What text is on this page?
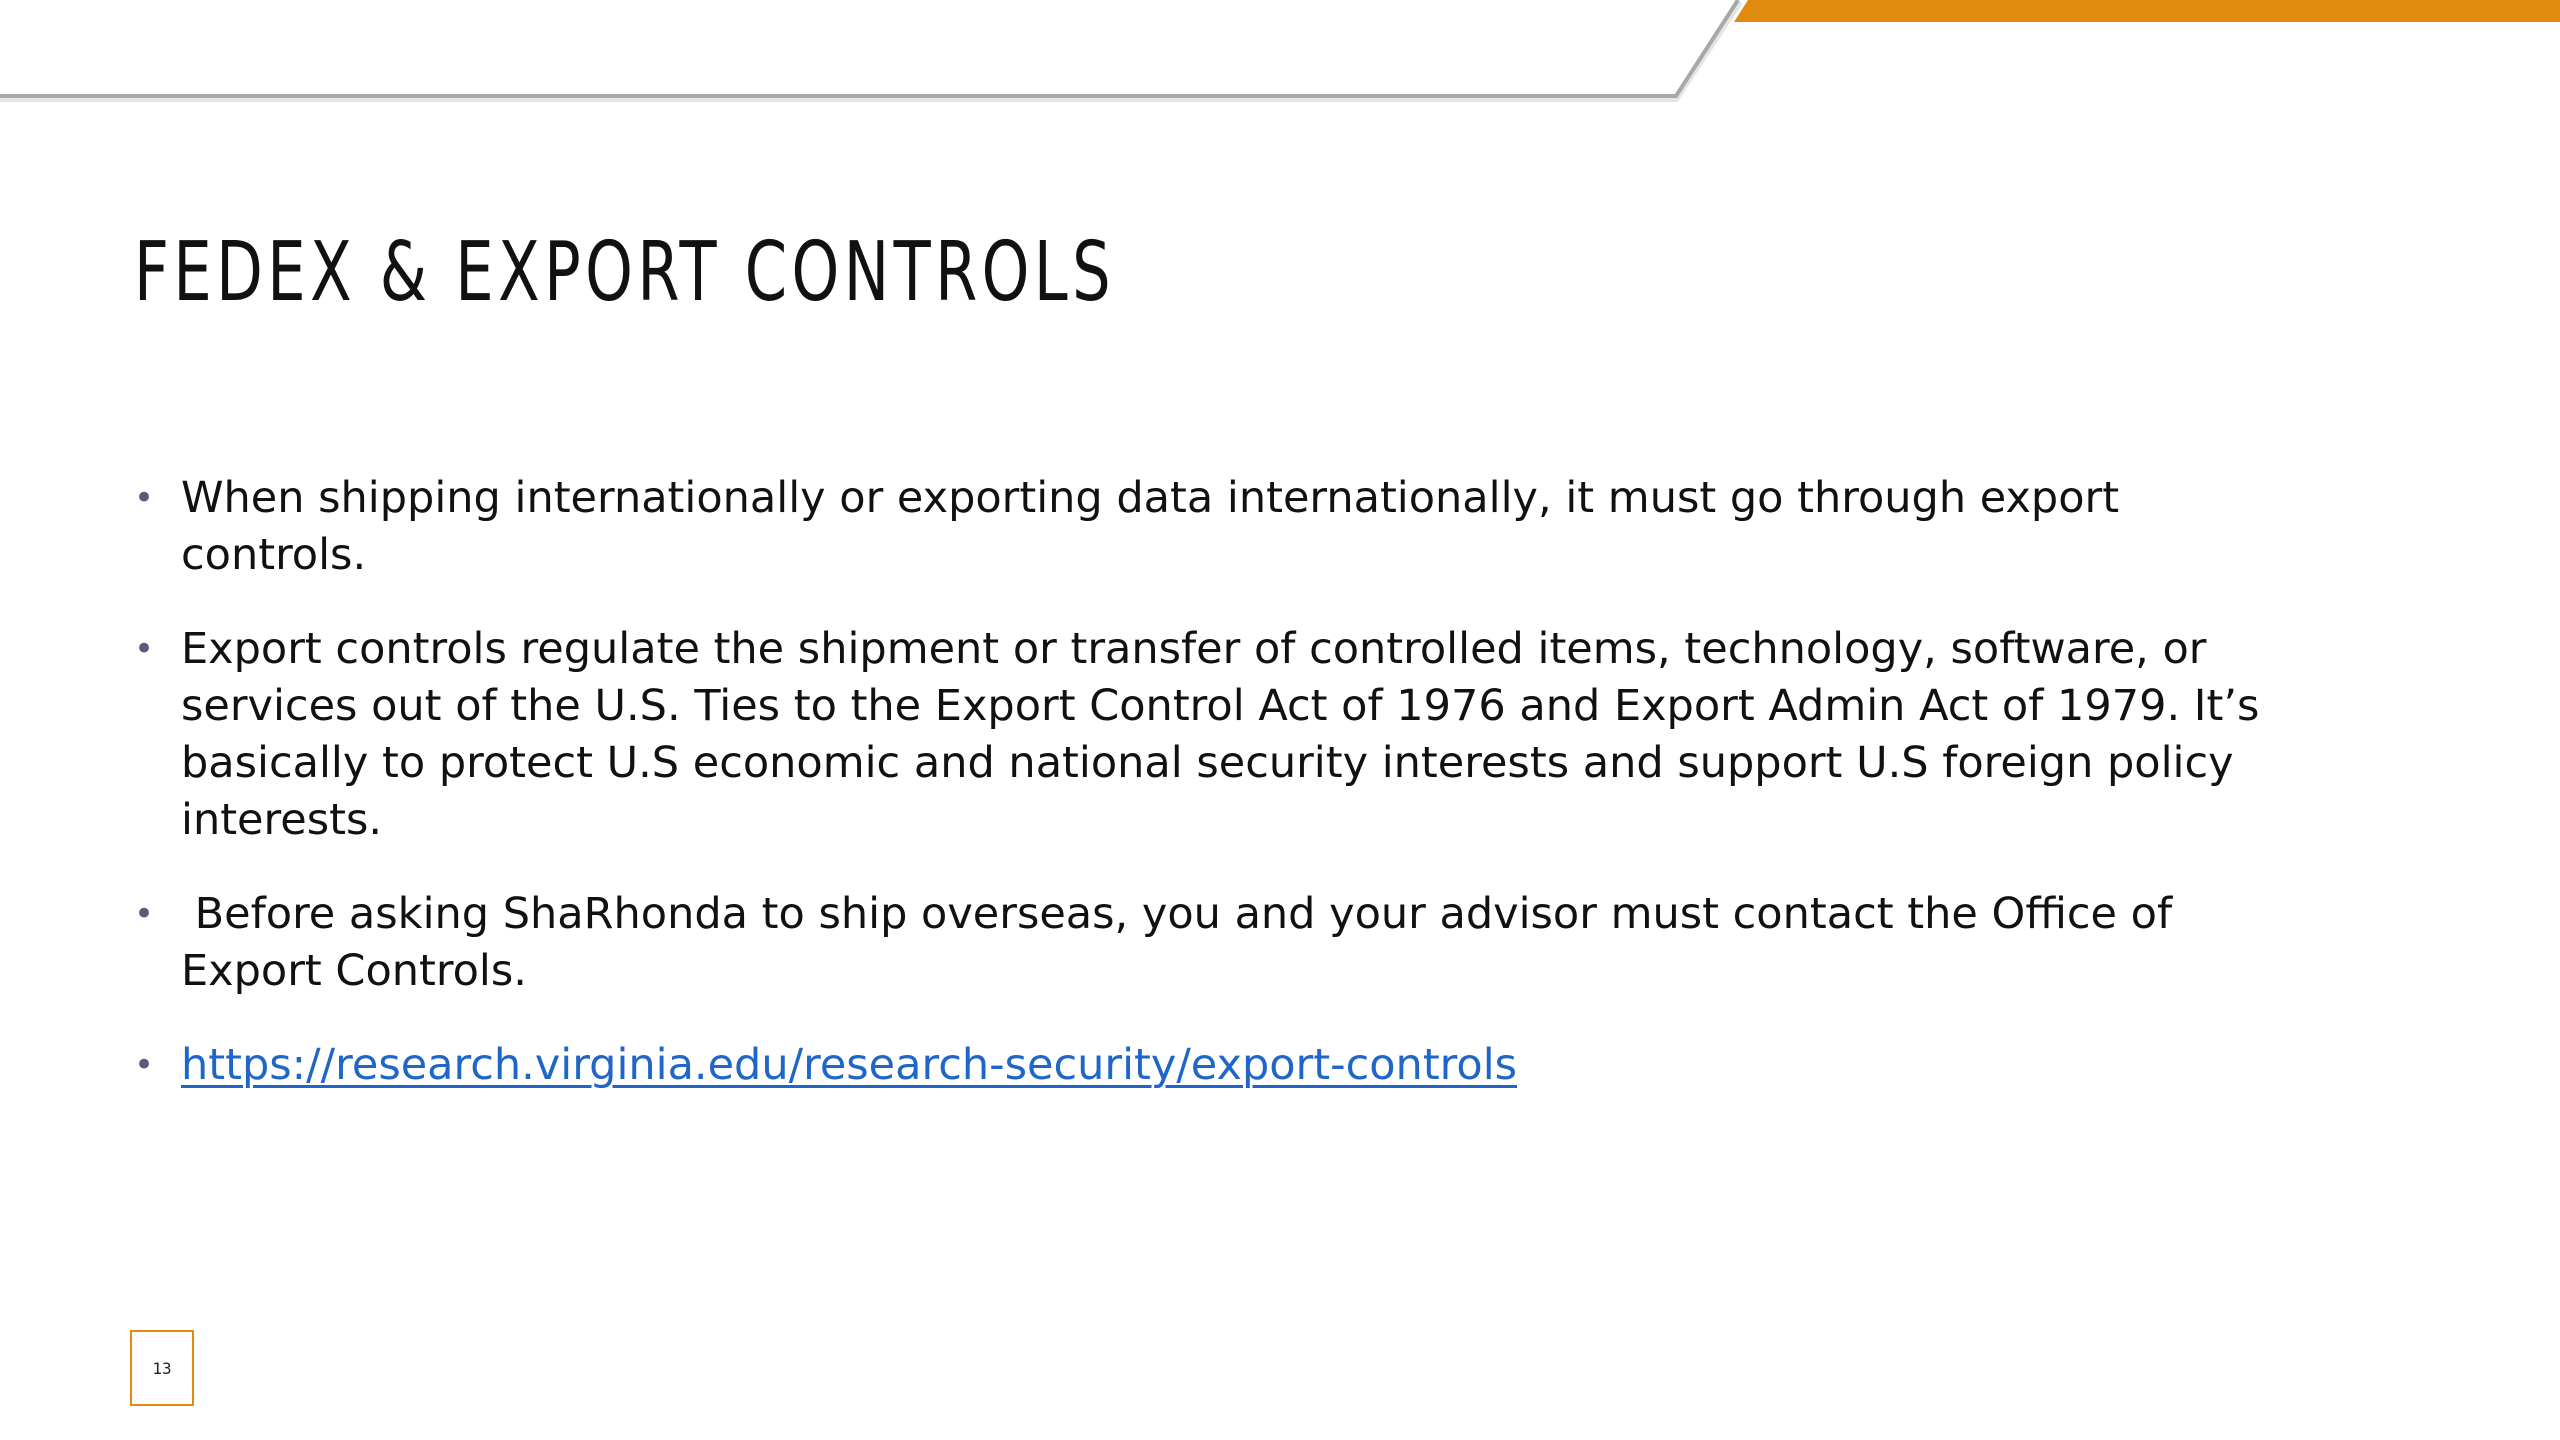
FEDEX & EXPORT CONTROLS
• When shipping internationally or exporting data internationally, it must go through export controls.
• Export controls regulate the shipment or transfer of controlled items, technology, software, or services out of the U.S. Ties to the Export Control Act of 1976 and Export Admin Act of 1979. It’s basically to protect U.S economic and national security interests and support U.S foreign policy interests.
• Before asking ShaRhonda to ship overseas, you and your advisor must contact the Office of Export Controls.
• https://research.virginia.edu/research-security/export-controls
13
